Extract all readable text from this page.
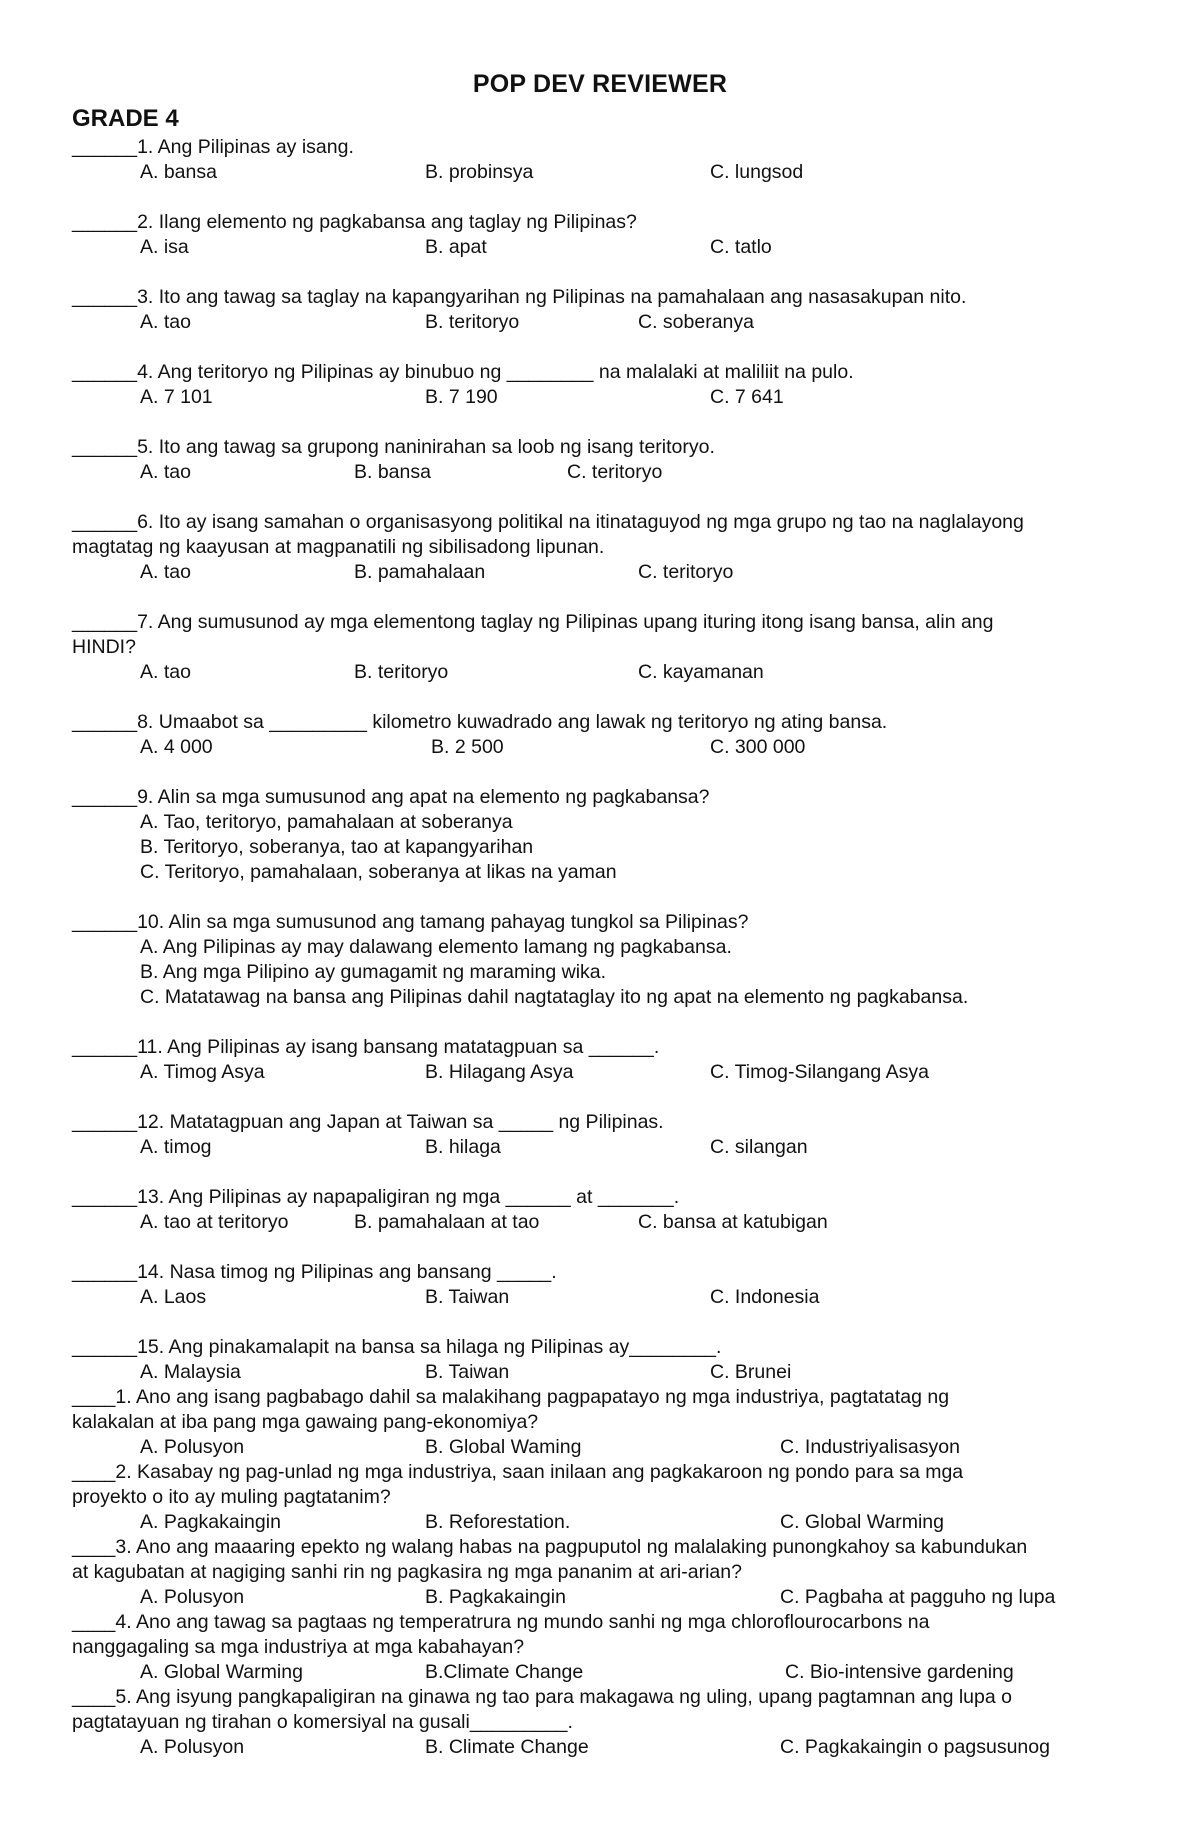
POP DEV REVIEWER
GRADE 4
______1. Ang Pilipinas ay isang.
A. bansa	B. probinsya	C. lungsod
______2. Ilang elemento ng pagkabansa ang taglay ng Pilipinas?
A. isa	B. apat	C. tatlo
______3. Ito ang tawag sa taglay na kapangyarihan ng Pilipinas na pamahalaan ang nasasakupan nito.
A. tao	B. teritoryo	C. soberanya
______4. Ang teritoryo ng Pilipinas ay binubuo ng ________ na malalaki at maliliit na pulo.
A. 7 101	B. 7 190	C. 7 641
______5. Ito ang tawag sa grupong naninirahan sa loob ng isang teritoryo.
A. tao	B. bansa	C. teritoryo
______6. Ito ay isang samahan o organisasyong politikal na itinataguyod ng mga grupo ng tao na naglalayong
magtatag ng kaayusan at magpanatili ng sibilisadong lipunan.
A. tao	B. pamahalaan	C. teritoryo
______7. Ang sumusunod ay mga elementong taglay ng Pilipinas upang ituring itong isang bansa, alin ang
HINDI?
A. tao	B. teritoryo	C. kayamanan
______8. Umaabot sa _________ kilometro kuwadrado ang lawak ng teritoryo ng ating bansa.
A. 4 000	B. 2 500	C. 300 000
______9. Alin sa mga sumusunod ang apat na elemento ng pagkabansa?
A. Tao, teritoryo, pamahalaan at soberanya
B. Teritoryo, soberanya, tao at kapangyarihan
C. Teritoryo, pamahalaan, soberanya at likas na yaman
______10. Alin sa mga sumusunod ang tamang pahayag tungkol sa Pilipinas?
A. Ang Pilipinas ay may dalawang elemento lamang ng pagkabansa.
B. Ang mga Pilipino ay gumagamit ng maraming wika.
C. Matatawag na bansa ang Pilipinas dahil nagtataglay ito ng apat na elemento ng pagkabansa.
______11. Ang Pilipinas ay isang bansang matatagpuan sa ______.
A. Timog Asya	B. Hilagang Asya	C. Timog-Silangang Asya
______12. Matatagpuan ang Japan at Taiwan sa _____ ng Pilipinas.
A. timog	B. hilaga	C. silangan
______13. Ang Pilipinas ay napapaligiran ng mga ______ at _______.
A. tao at teritoryo	B. pamahalaan at tao	C. bansa at katubigan
______14. Nasa timog ng Pilipinas ang bansang _____.
A. Laos	B. Taiwan	C. Indonesia
______15. Ang pinakamalapit na bansa sa hilaga ng Pilipinas ay________.
A. Malaysia	B. Taiwan	C. Brunei
____1. Ano ang isang pagbabago dahil sa malakihang pagpapatayo ng mga industriya, pagtatatag ng
kalakalan at iba pang mga gawaing pang-ekonomiya?
A. Polusyon	B. Global Waming	C. Industriyalisasyon
____2. Kasabay ng pag-unlad ng mga industriya, saan inilaan ang pagkakaroon ng pondo para sa mga
proyekto o ito ay muling pagtatanim?
A. Pagkakaingin	B. Reforestation.	C. Global Warming
____3. Ano ang maaaring epekto ng walang habas na pagpuputol ng malalaking punongkahoy sa kabundukan
at kagubatan at nagiging sanhi rin ng pagkasira ng mga pananim at ari-arian?
A. Polusyon	B. Pagkakaingin	C. Pagbaha at pagguho ng lupa
____4. Ano ang tawag sa pagtaas ng temperatrura ng mundo sanhi ng mga chloroflourocarbons na
nanggagaling sa mga industriya at mga kabahayan?
A. Global Warming	B.Climate Change	C. Bio-intensive gardening
____5. Ang isyung pangkapaligiran na ginawa ng tao para makagawa ng uling, upang pagtamnan ang lupa o
pagtatayuan ng tirahan o komersiyal na gusali_________.
A. Polusyon	B. Climate Change	C. Pagkakaingin o pagsusunog
